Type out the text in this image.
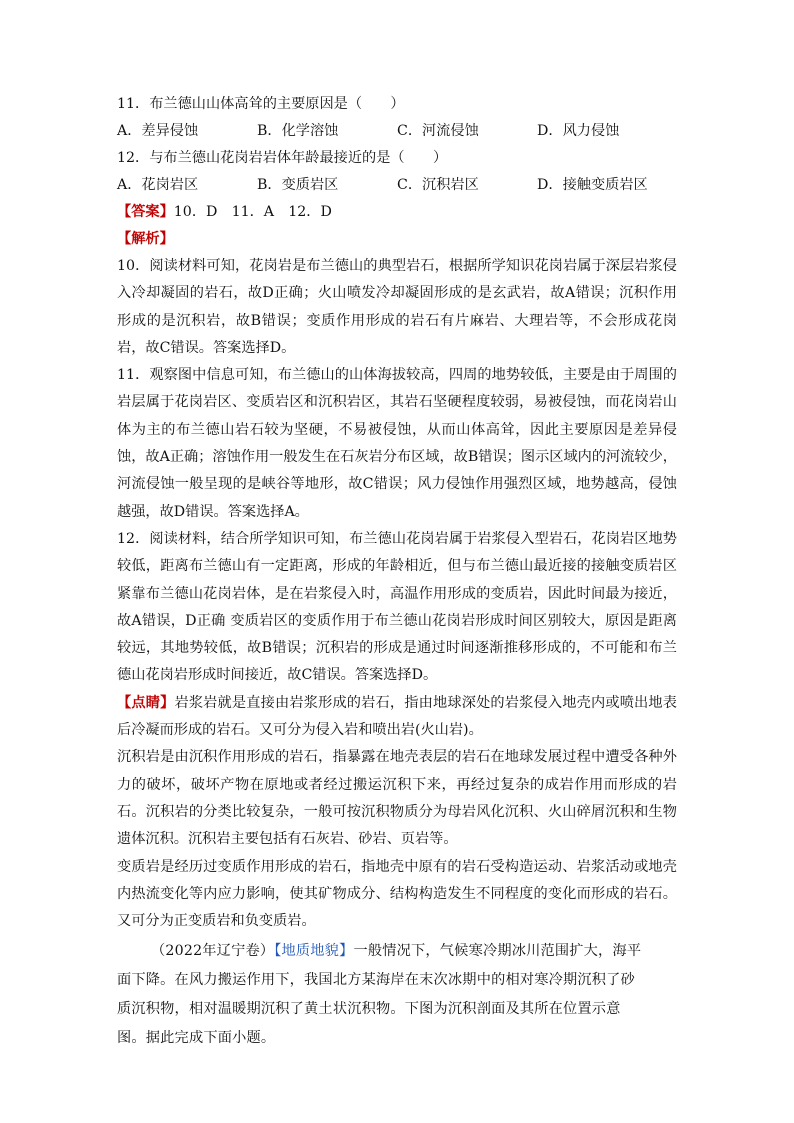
11．布兰德山山体高耸的主要原因是（　　）
A．差异侵蚀	B．化学溶蚀	C．河流侵蚀	D．风力侵蚀
12．与布兰德山花岗岩岩体年龄最接近的是（　　）
A．花岗岩区	B．变质岩区	C．沉积岩区	D．接触变质岩区
【答案】10．D　11．A　12．D
【解析】
10．阅读材料可知，花岗岩是布兰德山的典型岩石，根据所学知识花岗岩属于深层岩浆侵入冷却凝固的岩石，故D正确；火山喷发冷却凝固形成的是玄武岩，故A错误；沉积作用形成的是沉积岩，故B错误；变质作用形成的岩石有片麻岩、大理岩等，不会形成花岗岩，故C错误。答案选择D。
11．观察图中信息可知，布兰德山的山体海拔较高，四周的地势较低，主要是由于周围的岩层属于花岗岩区、变质岩区和沉积岩区，其岩石坚硬程度较弱，易被侵蚀，而花岗岩山体为主的布兰德山岩石较为坚硬，不易被侵蚀，从而山体高耸，因此主要原因是差异侵蚀，故A正确；溶蚀作用一般发生在石灰岩分布区域，故B错误；图示区域内的河流较少，河流侵蚀一般呈现的是峡谷等地形，故C错误；风力侵蚀作用强烈区域，地势越高，侵蚀越强，故D错误。答案选择A。
12．阅读材料，结合所学知识可知，布兰德山花岗岩属于岩浆侵入型岩石，花岗岩区地势较低，距离布兰德山有一定距离，形成的年龄相近，但与布兰德山最近接的接触变质岩区紧靠布兰德山花岗岩体，是在岩浆侵入时，高温作用形成的变质岩，因此时间最为接近，故A错误，D正确 变质岩区的变质作用于布兰德山花岗岩形成时间区别较大，原因是距离较远，其地势较低，故B错误；沉积岩的形成是通过时间逐渐推移形成的，不可能和布兰德山花岗岩形成时间接近，故C错误。答案选择D。
【点睛】岩浆岩就是直接由岩浆形成的岩石，指由地球深处的岩浆侵入地壳内或喷出地表后冷凝而形成的岩石。又可分为侵入岩和喷出岩(火山岩)。
沉积岩是由沉积作用形成的岩石，指暴露在地壳表层的岩石在地球发展过程中遭受各种外力的破坏，破坏产物在原地或者经过搬运沉积下来，再经过复杂的成岩作用而形成的岩石。沉积岩的分类比较复杂，一般可按沉积物质分为母岩风化沉积、火山碎屑沉积和生物遗体沉积。沉积岩主要包括有石灰岩、砂岩、页岩等。
变质岩是经历过变质作用形成的岩石，指地壳中原有的岩石受构造运动、岩浆活动或地壳内热流变化等内应力影响，使其矿物成分、结构构造发生不同程度的变化而形成的岩石。又可分为正变质岩和负变质岩。
（2022年辽宁卷）【地质地貌】一般情况下，气候寒冷期冰川范围扩大，海平面下降。在风力搬运作用下，我国北方某海岸在末次冰期中的相对寒冷期沉积了砂质沉积物，相对温暖期沉积了黄土状沉积物。下图为沉积剖面及其所在位置示意图。据此完成下面小题。
